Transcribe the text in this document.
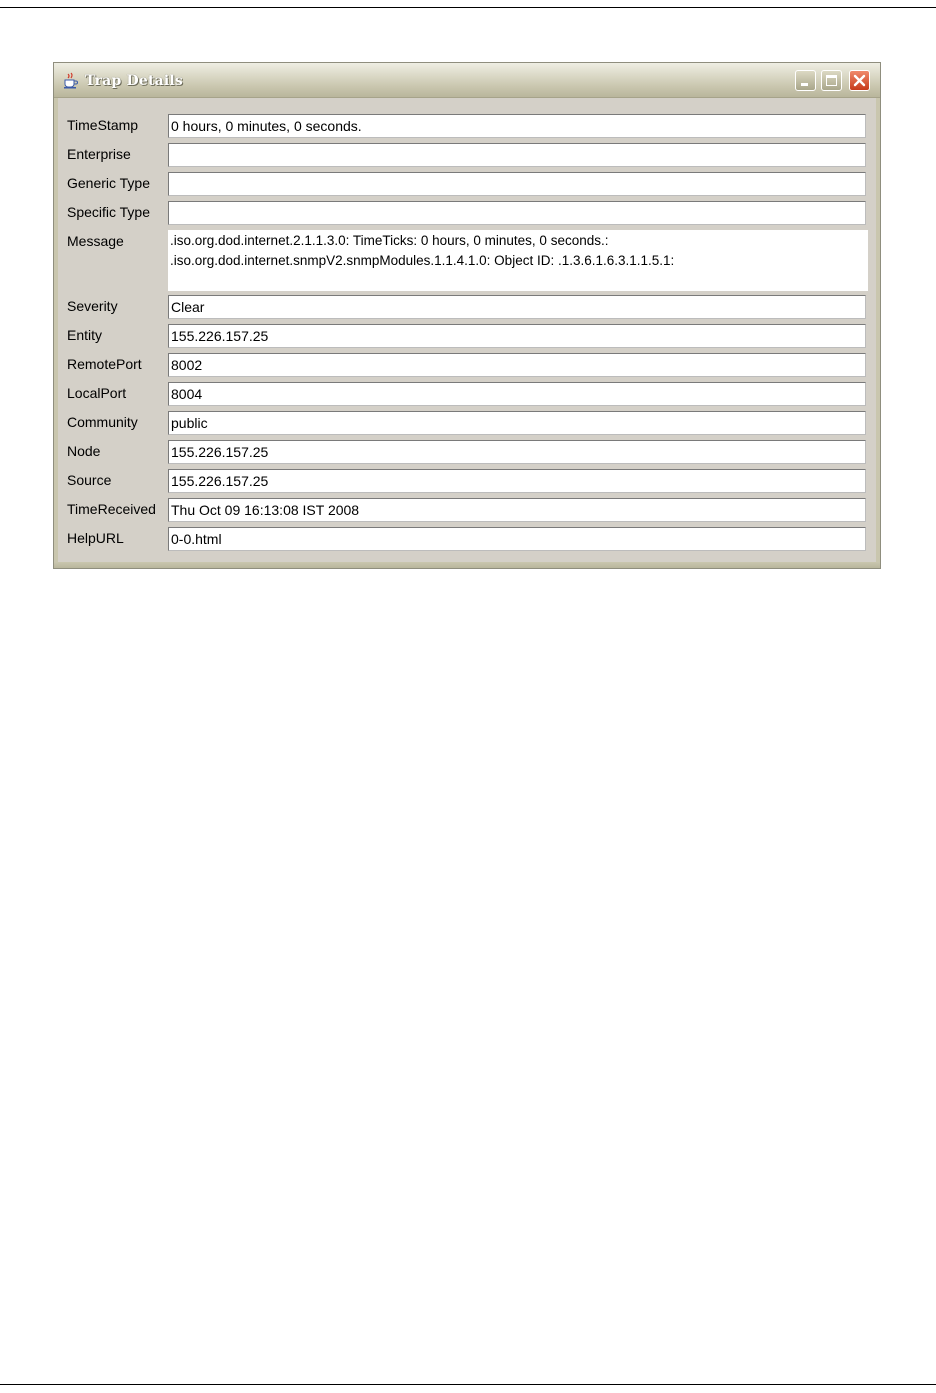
Trap Details
TimeStamp 0 hours, 0 minutes, 0 seconds.
Enterprise
Generic Type
Specific Type
Message	.iso.org.dod.internet.2.1.1.3.0: TimeTicks: 0 hours, 0 minutes, 0 seconds.:
.iso.org.dod.internet.snmpV2.snmpModules.1.1.4.1.0: Object ID: .1.3.6.1.6.3.1.1.5.1:
Severity	Clear
Entity	155.226.157.25
RemotePort 8002
LocalPort	8004
Community public
Node	155.226.157.25
Source	155.226.157.25
TimeReceived Thu Oct 09 16:13:08 IST 2008
HelpURL	0-0.html
